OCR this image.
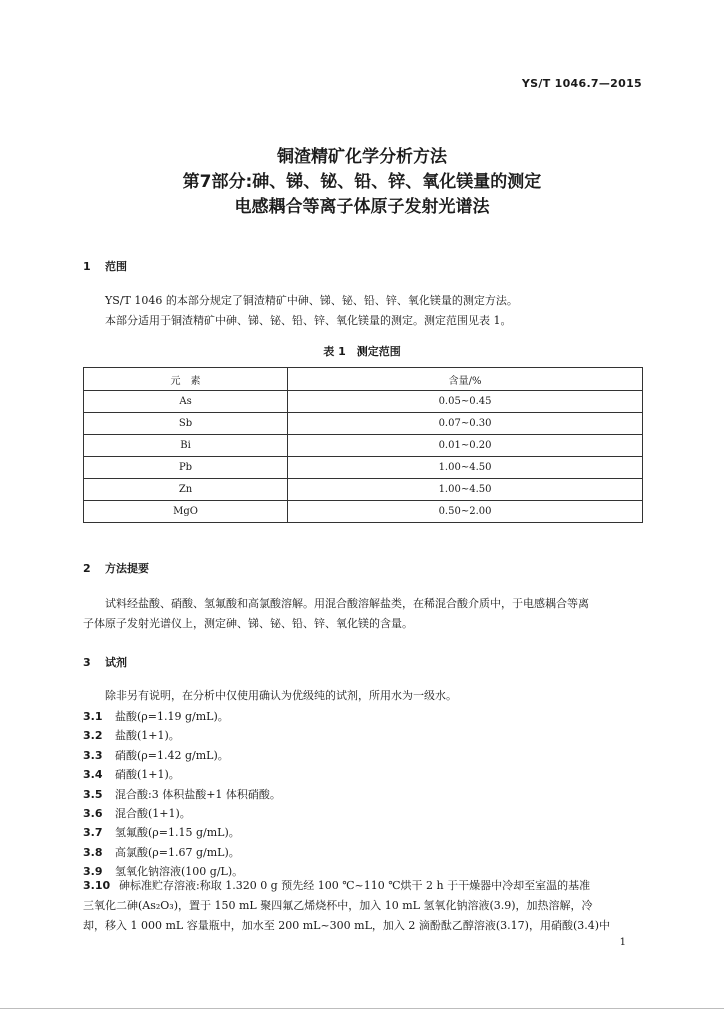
YS/T 1046.7—2015
铜渣精矿化学分析方法
第7部分:砷、锑、铋、铅、锌、氧化镁量的测定
电感耦合等离子体原子发射光谱法
1 范围

YS/T 1046 的本部分规定了铜渣精矿中砷、锑、铋、铅、锌、氧化镁量的测定方法。

本部分适用于铜渣精矿中砷、锑、铋、铅、锌、氧化镁量的测定。测定范围见表 1。

表 1　测定范围
元　素	含量/%
As	0.05~0.45
Sb	0.07~0.30
Bi	0.01~0.20
Pb	1.00~4.50
Zn	1.00~4.50
MgO	0.50~2.00
2 方法提要

试料经盐酸、硝酸、氢氟酸和高氯酸溶解。用混合酸溶解盐类，在稀混合酸介质中，于电感耦合等离

子体原子发射光谱仪上，测定砷、锑、铋、铅、锌、氧化镁的含量。

3 试剂

除非另有说明，在分析中仅使用确认为优级纯的试剂，所用水为一级水。

3.1 盐酸(ρ=1.19 g/mL)。
3.2 盐酸(1+1)。
3.3 硝酸(ρ=1.42 g/mL)。
3.4 硝酸(1+1)。
3.5 混合酸:3 体积盐酸+1 体积硝酸。
3.6 混合酸(1+1)。
3.7 氢氟酸(ρ=1.15 g/mL)。
3.8 高氯酸(ρ=1.67 g/mL)。
3.9 氢氧化钠溶液(100 g/L)。
3.10 砷标准贮存溶液:称取 1.320 0 g 预先经 100 ℃~110 ℃烘干 2 h 于干燥器中冷却至室温的基准
三氧化二砷(As₂O₃)，置于 150 mL 聚四氟乙烯烧杯中，加入 10 mL 氢氧化钠溶液(3.9)，加热溶解，冷
却，移入 1 000 mL 容量瓶中，加水至 200 mL~300 mL，加入 2 滴酚酞乙醇溶液(3.17)，用硝酸(3.4)中
1
